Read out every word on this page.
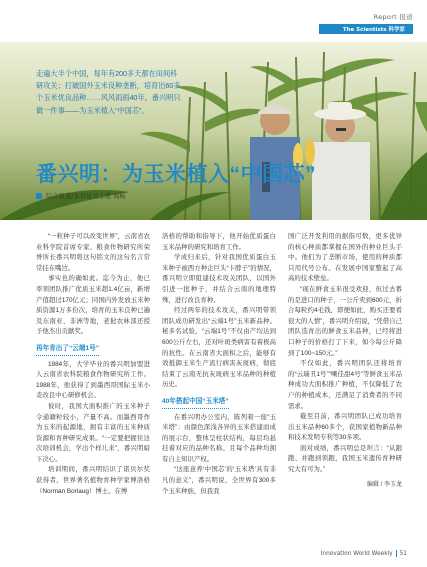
Report 报道
The Scientists 科学家
走遍大半个中国，每年有200多天都在田间科研攻关；打破国外玉米良种垄断，培育出60多个玉米优良品种……风风雨雨40年，番兴明只做一件事——为玉米植入“中国芯”。
番兴明：为玉米植入“中国芯”
综合报道/本刊见习主笔 高畅

“一粒种子可以改变世界”，云南省农业科学院首席专家、粮食作物研究所荣誉所长番兴明将这句铭文的这句名言常常挂在嘴边。

事实也的确如此。迄今为止，他已率领团队推广优质玉米超1.4亿亩，新增产值超过170亿元；同国内外发放玉米种质资源1万多份次，培育的玉米良种已遍及东南亚、非洲等地，老挝农林部还授予他杰出贡献奖。

再年肯出了“云端1号”

1984年，大学毕业的番兴明加盟进人云南省农科院粮食作物研究所工作。1988年，他获得了到墨西哥国际玉米小麦改良中心研修机会。

彼时，我国大面积推广的玉米种子令通籍粒较小，产量不高。而墨西哥作为玉米的起源地，拥有丰富的玉米种质资源和育种研究成果。“一定要把握住这次培训机会，学出个样儿来”，番兴明暗下决心。

培训期间，番兴明结识了诺贝尔奖获得者、世界著名植物育种学家博洛格（Norman Borlaug）博士。在博

洛格的帮助和指导下，他开始优质蛋白玉米品种的研究和培育工作。

学成归来后，针对我国优质蛋白玉米种子被西方种企巨头“卡脖子”的情况，番兴明立即组建技术攻关团队，以国外引进一批种子，并结合云南的地理特殊，进行改良育种。

经过两年的技术攻关，番兴明带领团队成功研发出“云端1号”玉米新品种。秘多名试验，“云端1号”不仅由产均达到600公斤左右，还对叶斑类病害有着极高的抗性。在云南省大面积之后，能够有效抵御玉米生产流行病害灰斑病，彻底结束了云南无抗灰斑病玉米品种的种植历史。

40年搭起中国“玉米塔”

在番兴明办公室内，陈列着一座“玉米塔”：由颜色深浅各异的玉米搭建而成的展示台，整体呈柱状结构，每层均悬挂着对应的品种名称。且每个品种均拥有自主知识产权。

“这座意养‘中国芯’的‘玉米塔’具有非凡的意义”，番兴明说，全世界有300多个玉米种族，但我我

国广泛开发利用的据指可数，更多优异的核心种质都掌握在国外的种业巨头手中。他们为了垄断市场，使用的种质都只用代号公布。在发展中国家整起了高高的技术壁垒。

“现在鲜食玉米很受欢迎，但过去番的是进口的种子，一公斤卖到600元，折合每粒约4毛钱，即便如此，购买还要看很大的人情”，番兴明介绍说，“凭借自己团队选育出的鲜食玉米品种，已经将进口种子的价格打了下来，如今每公斤降到了100~150元。”

不仅如此，番兴明团队还将培育的“云瑞丑1号”“喇佳甜4号”等鲜食玉米品种成功大面积推广种植，不仅降低了农户的种植成本，还满足了消费者的不同需求。

截至目前，番兴明团队已成功培育出玉米品种60多个，获国家植物新品种和技术发明专利等30多项。

面对成绩，番兴明总是坦言：“从跟跑、并跑到领跑，我国玉米遗传育种研究大有可为。”

编辑 / 李玉龙
Innovation World Weekly 51
